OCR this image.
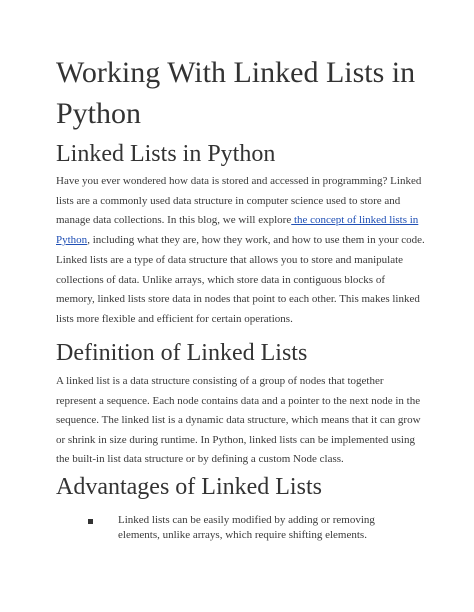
Working With Linked Lists in Python
Linked Lists in Python

Have you ever wondered how data is stored and accessed in programming? Linked lists are a commonly used data structure in computer science used to store and manage data collections. In this blog, we will explore the concept of linked lists in Python, including what they are, how they work, and how to use them in your code.

Linked lists are a type of data structure that allows you to store and manipulate collections of data. Unlike arrays, which store data in contiguous blocks of memory, linked lists store data in nodes that point to each other. This makes linked lists more flexible and efficient for certain operations.

Definition of Linked Lists

A linked list is a data structure consisting of a group of nodes that together represent a sequence. Each node contains data and a pointer to the next node in the sequence. The linked list is a dynamic data structure, which means that it can grow or shrink in size during runtime. In Python, linked lists can be implemented using the built-in list data structure or by defining a custom Node class.

Advantages of Linked Lists

Linked lists can be easily modified by adding or removing elements, unlike arrays, which require shifting elements.
